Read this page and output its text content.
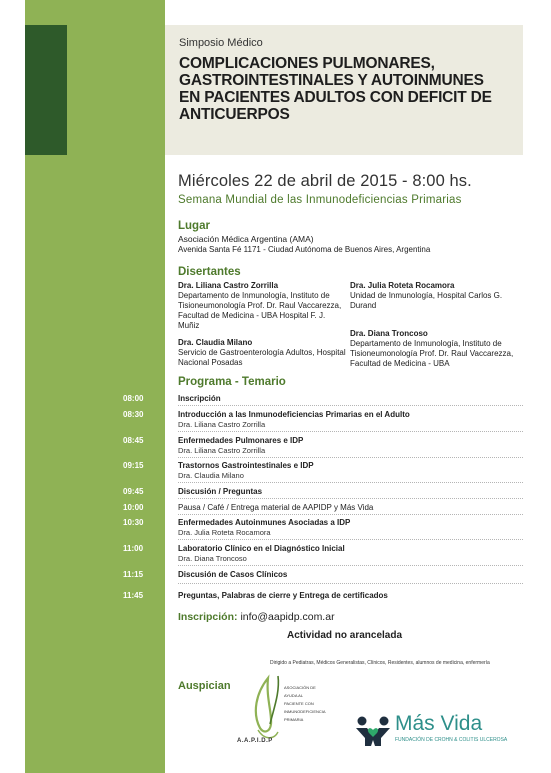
Simposio Médico
COMPLICACIONES PULMONARES, GASTROINTESTINALES Y AUTOINMUNES EN PACIENTES ADULTOS CON DEFICIT DE ANTICUERPOS
Miércoles 22 de abril de 2015 - 8:00 hs.
Semana Mundial de las Inmunodeficiencias Primarias
Lugar
Asociación Médica Argentina (AMA)
Avenida Santa Fé 1171 - Ciudad Autónoma de Buenos Aires, Argentina
Disertantes
Dra. Liliana Castro Zorrilla
Departamento de Inmunología, Instituto de Tisioneumonología Prof. Dr. Raul Vaccarezza, Facultad de Medicina - UBA Hospital F. J. Muñiz
Dra. Claudia Milano
Servicio de Gastroenterología Adultos, Hospital Nacional Posadas
Dra. Julia Roteta Rocamora
Unidad de Inmunología, Hospital Carlos G. Durand
Dra. Diana Troncoso
Departamento de Inmunología, Instituto de Tisioneumonología Prof. Dr. Raul Vaccarezza, Facultad de Medicina - UBA
Programa - Temario
08:00	Inscripción
08:30	Introducción a las Inmunodeficiencias Primarias en el Adulto
Dra. Liliana Castro Zorrilla
08:45	Enfermedades Pulmonares e IDP
Dra. Liliana Castro Zorrilla
09:15	Trastornos Gastrointestinales e IDP
Dra. Claudia Milano
09:45	Discusión / Preguntas
10:00	Pausa / Café / Entrega material de AAPIDP y Más Vida
10:30	Enfermedades Autoinmunes Asociadas a IDP
Dra. Julia Roteta Rocamora
11:00	Laboratorio Clínico en el Diagnóstico Inicial
Dra. Diana Troncoso
11:15	Discusión de Casos Clínicos
11:45	Preguntas, Palabras de cierre y Entrega de certificados
Inscripción: info@aapidp.com.ar
Actividad no arancelada
Dirigido a Pediatras, Médicos Generalistas, Clínicos, Residentes, alumnos de medicina, enfermería
Auspician	ASOCIACIÓN DE
AYUDA AL
PACIENTE CON
INMUNODEFICIENCIA
PRIMARIA
A.A.P.I.D.P
Más Vida
FUNDACIÓN DE CROHN & COLITIS ULCEROSA
